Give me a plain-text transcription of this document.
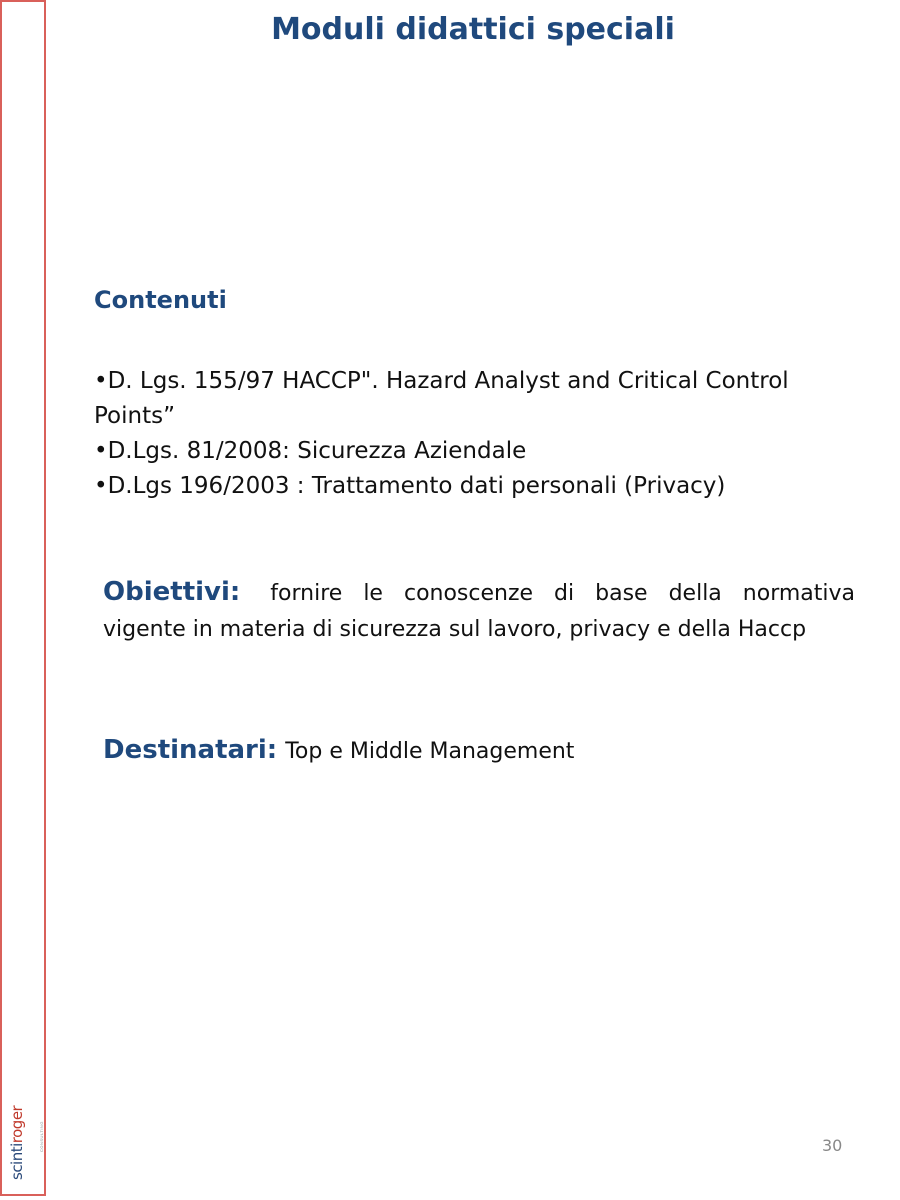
scintiroger	CONSULTING
Moduli didattici speciali
Contenuti
•D. Lgs. 155/97 HACCP". Hazard Analyst and Critical Control Points”
•D.Lgs. 81/2008: Sicurezza Aziendale
•D.Lgs 196/2003 : Trattamento dati personali (Privacy)

Obiettivi: fornire le conoscenze di base della normativa vigente in materia di sicurezza sul lavoro, privacy e della Haccp

Destinatari: Top e Middle Management

30
